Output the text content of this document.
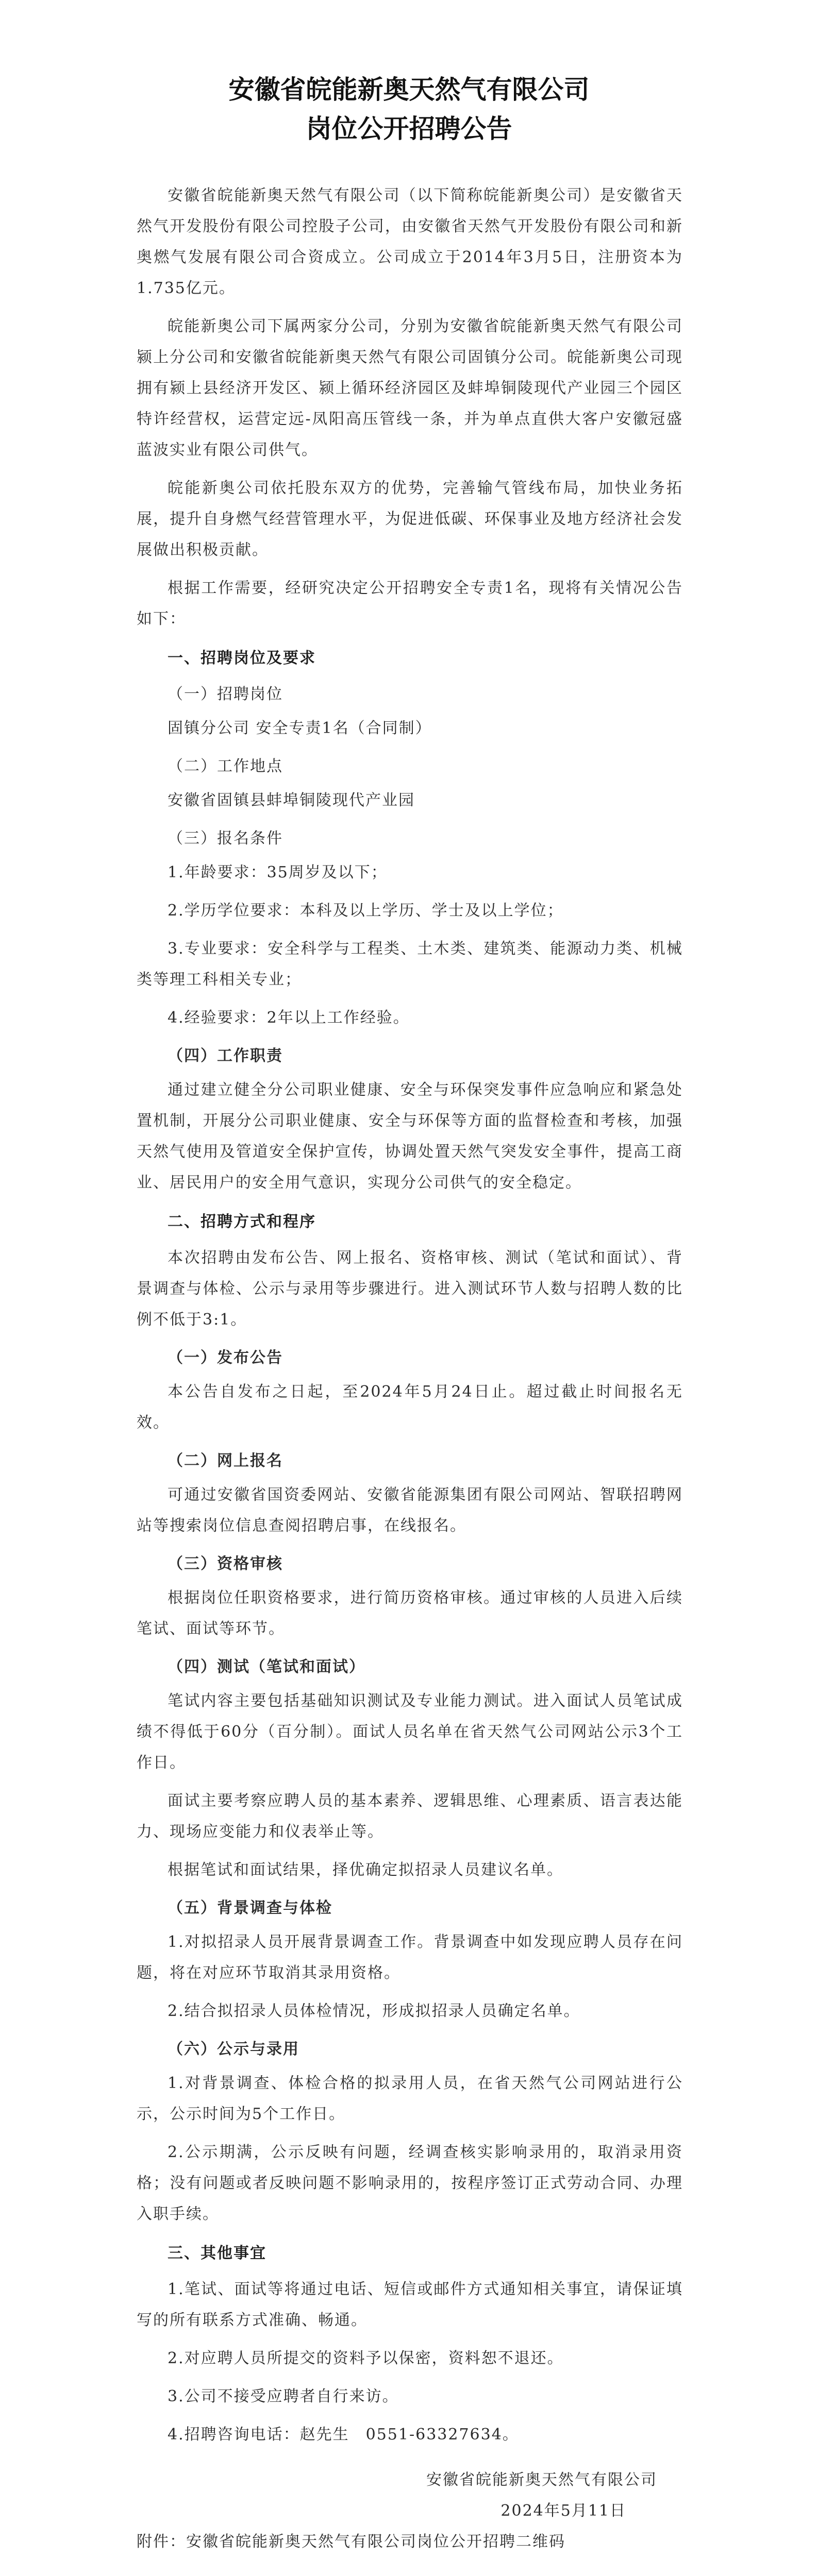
安徽省皖能新奥天然气有限公司
岗位公开招聘公告

安徽省皖能新奥天然气有限公司（以下简称皖能新奥公司）是安徽省天然气开发股份有限公司控股子公司，由安徽省天然气开发股份有限公司和新奥燃气发展有限公司合资成立。公司成立于2014年3月5日，注册资本为1.735亿元。

皖能新奥公司下属两家分公司，分别为安徽省皖能新奥天然气有限公司颍上分公司和安徽省皖能新奥天然气有限公司固镇分公司。皖能新奥公司现拥有颍上县经济开发区、颍上循环经济园区及蚌埠铜陵现代产业园三个园区特许经营权，运营定远-凤阳高压管线一条，并为单点直供大客户安徽冠盛蓝波实业有限公司供气。

皖能新奥公司依托股东双方的优势，完善输气管线布局，加快业务拓展，提升自身燃气经营管理水平，为促进低碳、环保事业及地方经济社会发展做出积极贡献。

根据工作需要，经研究决定公开招聘安全专责1名，现将有关情况公告如下：

一、招聘岗位及要求
（一）招聘岗位

固镇分公司 安全专责1名（合同制）

（二）工作地点

安徽省固镇县蚌埠铜陵现代产业园

（三）报名条件

1.年龄要求：35周岁及以下；

2.学历学位要求：本科及以上学历、学士及以上学位；

3.专业要求：安全科学与工程类、土木类、建筑类、能源动力类、机械类等理工科相关专业；

4.经验要求：2年以上工作经验。

（四）工作职责

通过建立健全分公司职业健康、安全与环保突发事件应急响应和紧急处置机制，开展分公司职业健康、安全与环保等方面的监督检查和考核，加强天然气使用及管道安全保护宣传，协调处置天然气突发安全事件，提高工商业、居民用户的安全用气意识，实现分公司供气的安全稳定。

二、招聘方式和程序

本次招聘由发布公告、网上报名、资格审核、测试（笔试和面试）、背景调查与体检、公示与录用等步骤进行。进入测试环节人数与招聘人数的比例不低于3:1。

（一）发布公告

本公告自发布之日起，至2024年5月24日止。超过截止时间报名无效。

（二）网上报名

可通过安徽省国资委网站、安徽省能源集团有限公司网站、智联招聘网站等搜索岗位信息查阅招聘启事，在线报名。

（三）资格审核

根据岗位任职资格要求，进行简历资格审核。通过审核的人员进入后续笔试、面试等环节。

（四）测试（笔试和面试）

笔试内容主要包括基础知识测试及专业能力测试。进入面试人员笔试成绩不得低于60分（百分制）。面试人员名单在省天然气公司网站公示3个工作日。

面试主要考察应聘人员的基本素养、逻辑思维、心理素质、语言表达能力、现场应变能力和仪表举止等。

根据笔试和面试结果，择优确定拟招录人员建议名单。

（五）背景调查与体检

1.对拟招录人员开展背景调查工作。背景调查中如发现应聘人员存在问题，将在对应环节取消其录用资格。

2.结合拟招录人员体检情况，形成拟招录人员确定名单。

（六）公示与录用

1.对背景调查、体检合格的拟录用人员，在省天然气公司网站进行公示，公示时间为5个工作日。

2.公示期满，公示反映有问题，经调查核实影响录用的，取消录用资格；没有问题或者反映问题不影响录用的，按程序签订正式劳动合同、办理入职手续。

三、其他事宜

1.笔试、面试等将通过电话、短信或邮件方式通知相关事宜，请保证填写的所有联系方式准确、畅通。

2.对应聘人员所提交的资料予以保密，资料恕不退还。

3.公司不接受应聘者自行来访。

4.招聘咨询电话：赵先生　0551-63327634。

安徽省皖能新奥天然气有限公司

2024年5月11日

附件：安徽省皖能新奥天然气有限公司岗位公开招聘二维码
